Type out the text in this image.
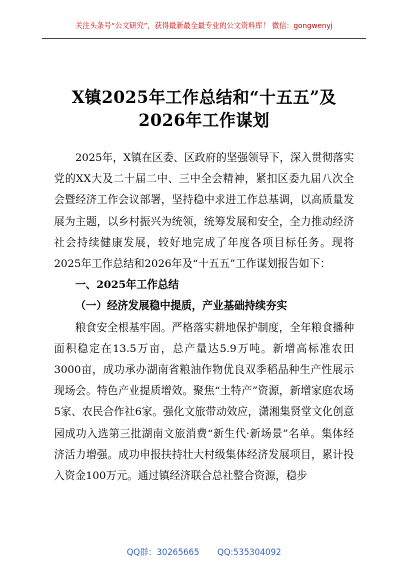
关注头条号“公文研究”，获得最新最全最专业的公文资料库！ 微信：gongwenyj
X镇2025年工作总结和“十五五”及
2026年工作谋划

2025年，X镇在区委、区政府的坚强领导下，深入贯彻落实党的XX大及二十届二中、三中全会精神，紧扣区委九届八次全会暨经济工作会议部署，坚持稳中求进工作总基调，以高质量发展为主题，以乡村振兴为统领，统筹发展和安全，全力推动经济社会持续健康发展，较好地完成了年度各项目标任务。现将2025年工作总结和2026年及“十五五”工作谋划报告如下：

一、2025年工作总结
（一）经济发展稳中提质，产业基础持续夯实

粮食安全根基牢固。严格落实耕地保护制度，全年粮食播种面积稳定在13.5万亩，总产量达5.9万吨。新增高标准农田3000亩，成功承办湖南省粮油作物优良双季稻品种生产性展示现场会。特色产业提质增效。聚焦“土特产”资源，新增家庭农场5家、农民合作社6家。强化文旅带动效应，潇湘集贤堂文化创意园成功入选第三批湖南文旅消费“新生代·新场景”名单。集体经济活力增强。成功申报扶持壮大村级集体经济发展项目，累计投入资金100万元。通过镇经济联合总社整合资源，稳步

QQ群：30265665 QQ:535304092
